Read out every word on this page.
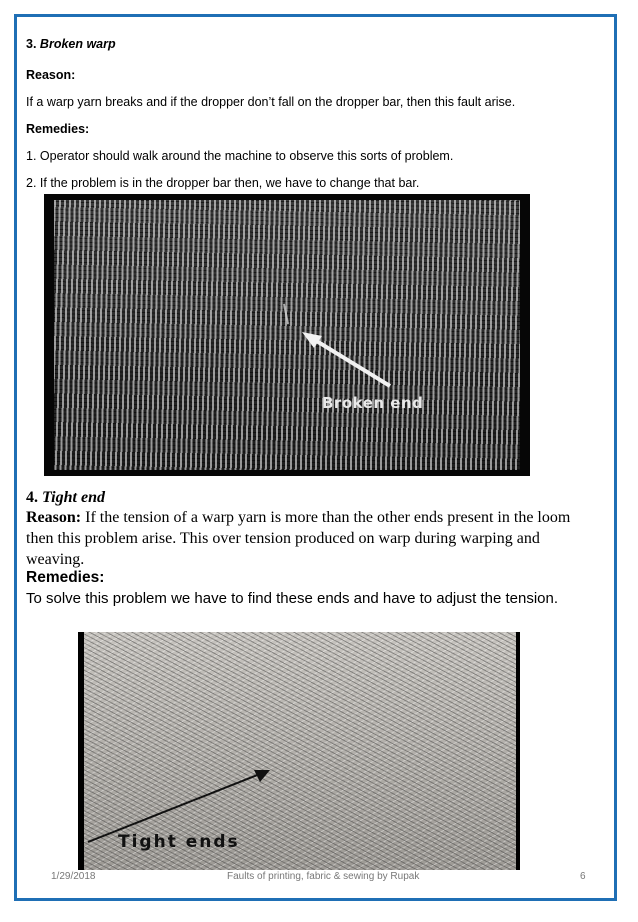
3. Broken warp
Reason:
If a warp yarn breaks and if the dropper don’t fall on the dropper bar, then this fault arise.
Remedies:
1. Operator should walk around the machine to observe this sorts of problem.
2. If the problem is in the dropper bar then, we have to change that bar.
Broken end
4. Tight end
Reason: If the tension of a warp yarn is more than the other ends present in the loom
then this problem arise. This over tension produced on warp during warping and
weaving.
Remedies:
To solve this problem we have to find these ends and have to adjust the tension.
Tight ends
1/29/2018	Faults of printing, fabric & sewing by Rupak	6
